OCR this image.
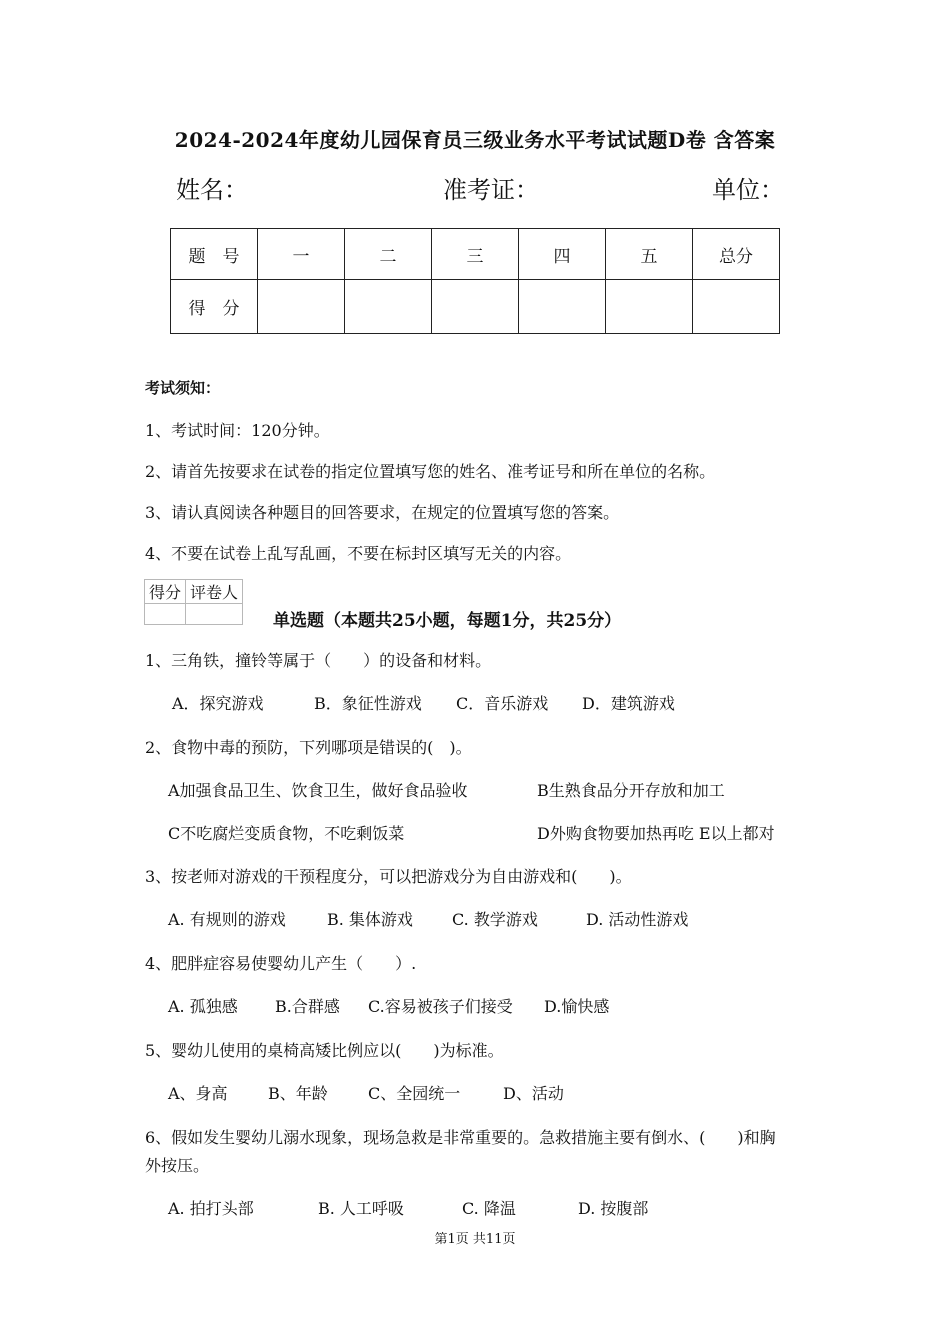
2024-2024年度幼儿园保育员三级业务水平考试试题D卷 含答案
姓名：	准考证：	单位：
题　号	一	二	三	四	五	总分
得　分						
考试须知：
1、考试时间：120分钟。
2、请首先按要求在试卷的指定位置填写您的姓名、准考证号和所在单位的名称。
3、请认真阅读各种题目的回答要求，在规定的位置填写您的答案。
4、不要在试卷上乱写乱画，不要在标封区填写无关的内容。
得分	评卷人

单选题（本题共25小题，每题1分，共25分）
1、三角铁，撞铃等属于（　　）的设备和材料。
A．探究游戏	B．象征性游戏 C．音乐游戏 D．建筑游戏
2、食物中毒的预防，下列哪项是错误的(　)。
A加强食品卫生、饮食卫生，做好食品验收	B生熟食品分开存放和加工
C不吃腐烂变质食物，不吃剩饭菜	D外购食物要加热再吃 E以上都对
3、按老师对游戏的干预程度分，可以把游戏分为自由游戏和(　　)。
A. 有规则的游戏	B. 集体游戏 C. 教学游戏	D. 活动性游戏
4、肥胖症容易使婴幼儿产生（　　）.
A. 孤独感 B.合群感 C.容易被孩子们接受 D.愉快感
5、婴幼儿使用的桌椅高矮比例应以(　　)为标准。
A、身高	B、年龄	C、全园统一	D、活动
6、假如发生婴幼儿溺水现象，现场急救是非常重要的。急救措施主要有倒水、(　　)和胸
外按压。
A. 拍打头部	B. 人工呼吸	C. 降温	D. 按腹部
第1页 共11页
